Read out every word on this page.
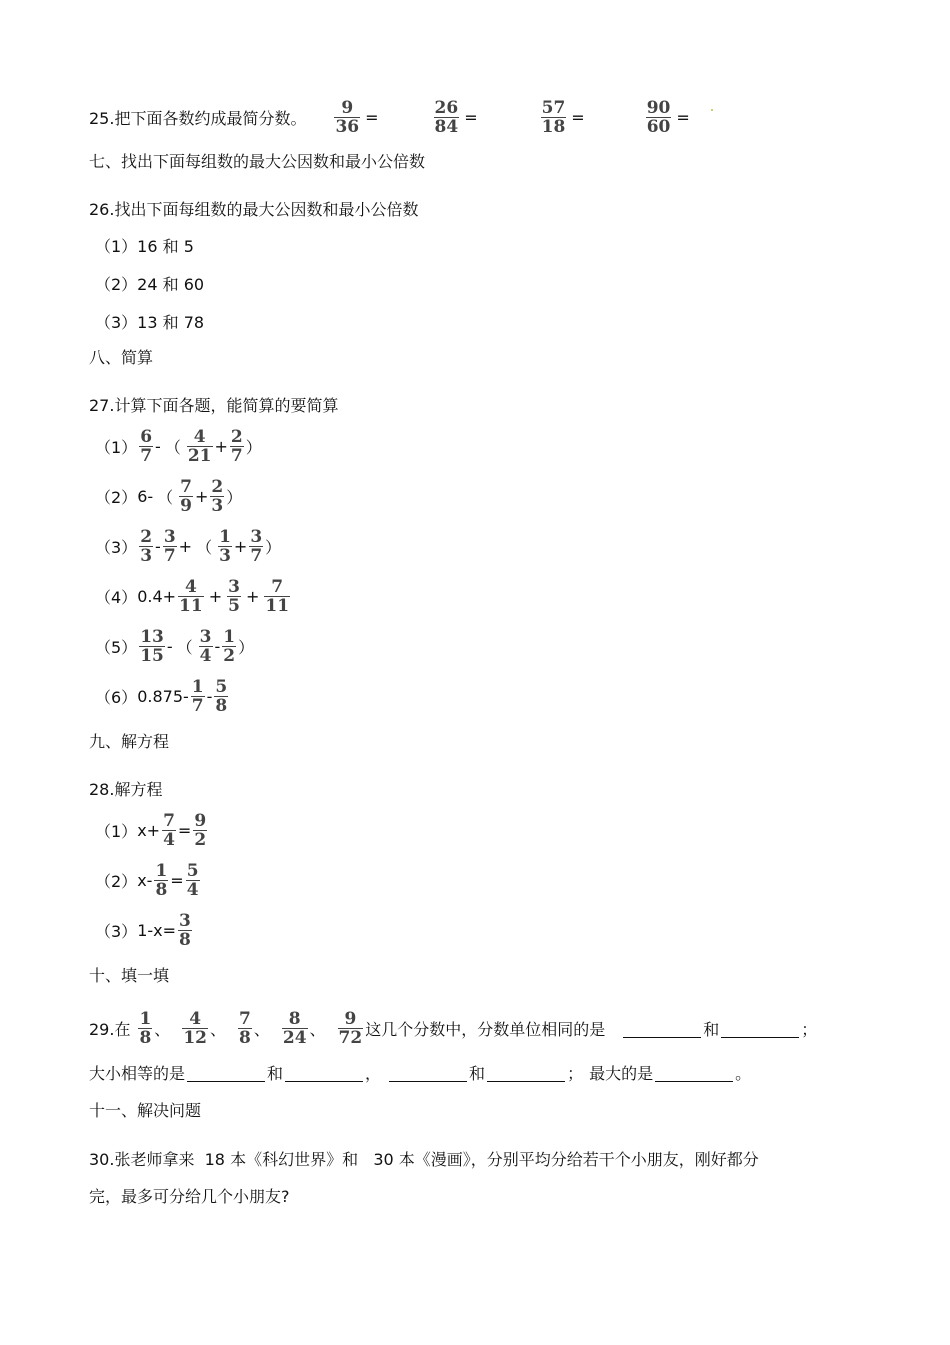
25.把下面各数约成最简分数。 $\frac{9}{36}$ =	$\frac{26}{84}$ =	$\frac{57}{18}$ =	$\frac{90}{60}$ =
七、找出下面每组数的最大公因数和最小公倍数
26.找出下面每组数的最大公因数和最小公倍数
（1）16 和 5
（2）24 和 60
（3）13 和 78
八、简算
27.计算下面各题，能简算的要简算
$(1) \frac{6}{7}$ - （ $\frac{4}{21} + \frac{2}{7}$ ）
（2） 6- （ $\frac{7}{9} + \frac{2}{3}$ ）
$(3) \frac{2}{3} - \frac{3}{7}$ + （ $\frac{1}{3} + \frac{3}{7}$ ）
（4） $0.4+ \frac{4}{11} + \frac{3}{5} + \frac{7}{11}$
$(5) \frac{13}{15}$ - （ $\frac{3}{4} - \frac{1}{2}$ ）
（6） $0.875- \frac{1}{7} - \frac{5}{8}$
九、解方程
28.解方程
（1） $x+ \frac{7}{4} = \frac{9}{2}$
（2） $x- \frac{1}{8} = \frac{5}{4}$
（3） $1-x= \frac{3}{8}$
十、填一填
29.在 $\frac{1}{8}$ 、 $\frac{4}{12}$ 、 $\frac{7}{8}$ 、 $\frac{8}{24}$ 、 $\frac{9}{72}$ 这几个分数中，分数单位相同的是	和	；
大小相等的是	和	，	和	； 最大的是	。
十一、解决问题
30.张老师拿来  18 本《科幻世界》和   30 本《漫画》，分别平均分给若干个小朋友，刚好都分
完，最多可分给几个小朋友?
